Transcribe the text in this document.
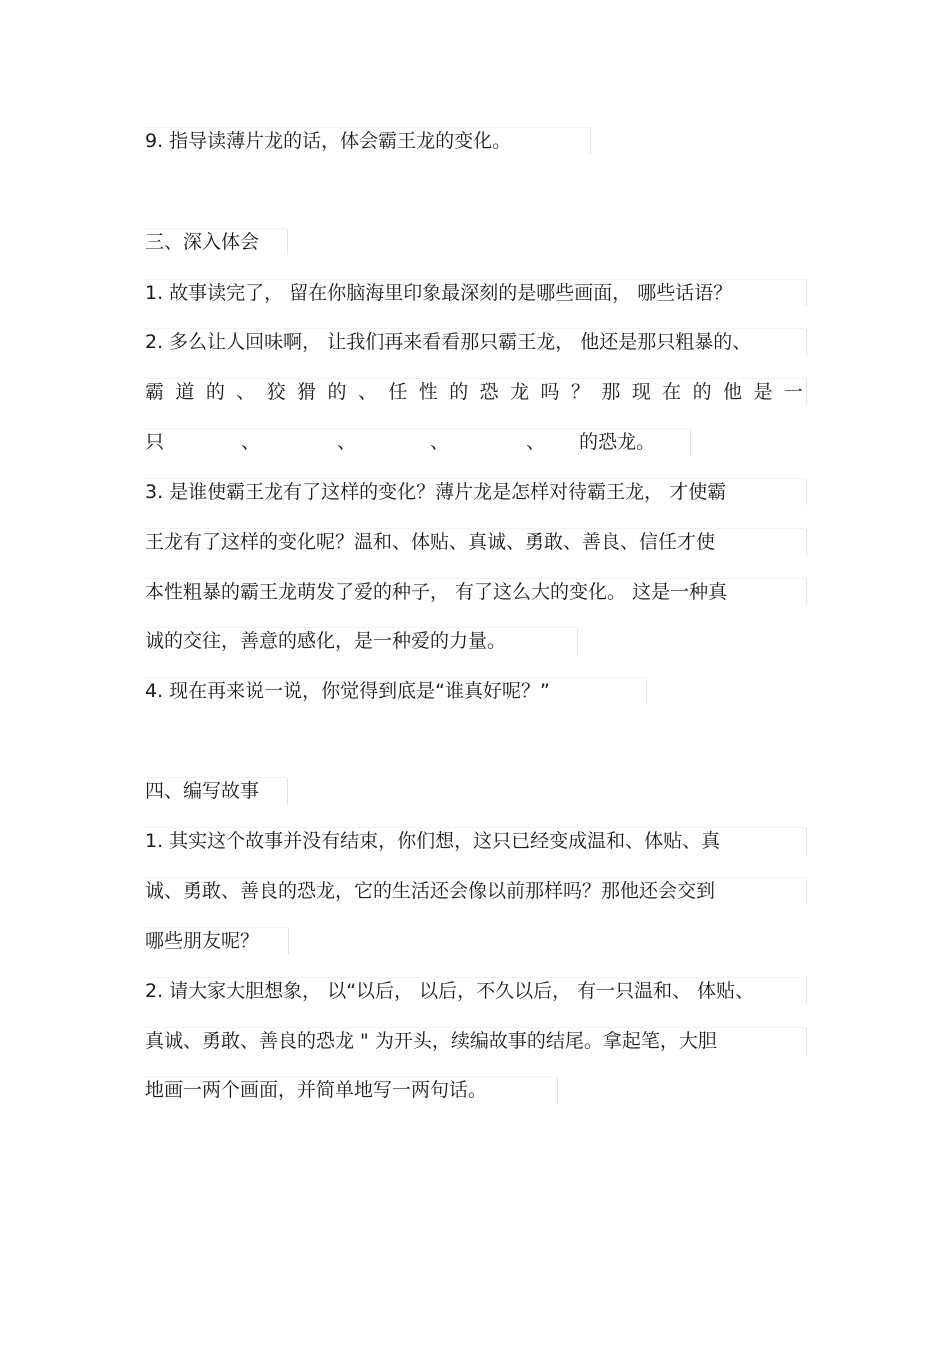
9. 指导读薄片龙的话，体会霸王龙的变化。
三、深入体会
1. 故事读完了， 留在你脑海里印象最深刻的是哪些画面， 哪些话语？
2. 多么让人回味啊， 让我们再来看看那只霸王龙， 他还是那只粗暴的、
霸 道 的 、 狡 猾 的 、 任 性 的 恐 龙 吗 ？ 那 现 在 的 他 是 一
只	、	、	、	、 的恐龙。
3. 是谁使霸王龙有了这样的变化？薄片龙是怎样对待霸王龙， 才使霸
王龙有了这样的变化呢？温和、体贴、真诚、勇敢、善良、信任才使
本性粗暴的霸王龙萌发了爱的种子， 有了这么大的变化。 这是一种真
诚的交往，善意的感化，是一种爱的力量。
4. 现在再来说一说，你觉得到底是“谁真好呢？”
四、编写故事
1. 其实这个故事并没有结束，你们想，这只已经变成温和、体贴、真
诚、勇敢、善良的恐龙，它的生活还会像以前那样吗？那他还会交到
哪些朋友呢？
2. 请大家大胆想象， 以“以后， 以后，不久以后， 有一只温和、 体贴、
真诚、勇敢、善良的恐龙 " 为开头，续编故事的结尾。拿起笔，大胆
地画一两个画面，并简单地写一两句话。
